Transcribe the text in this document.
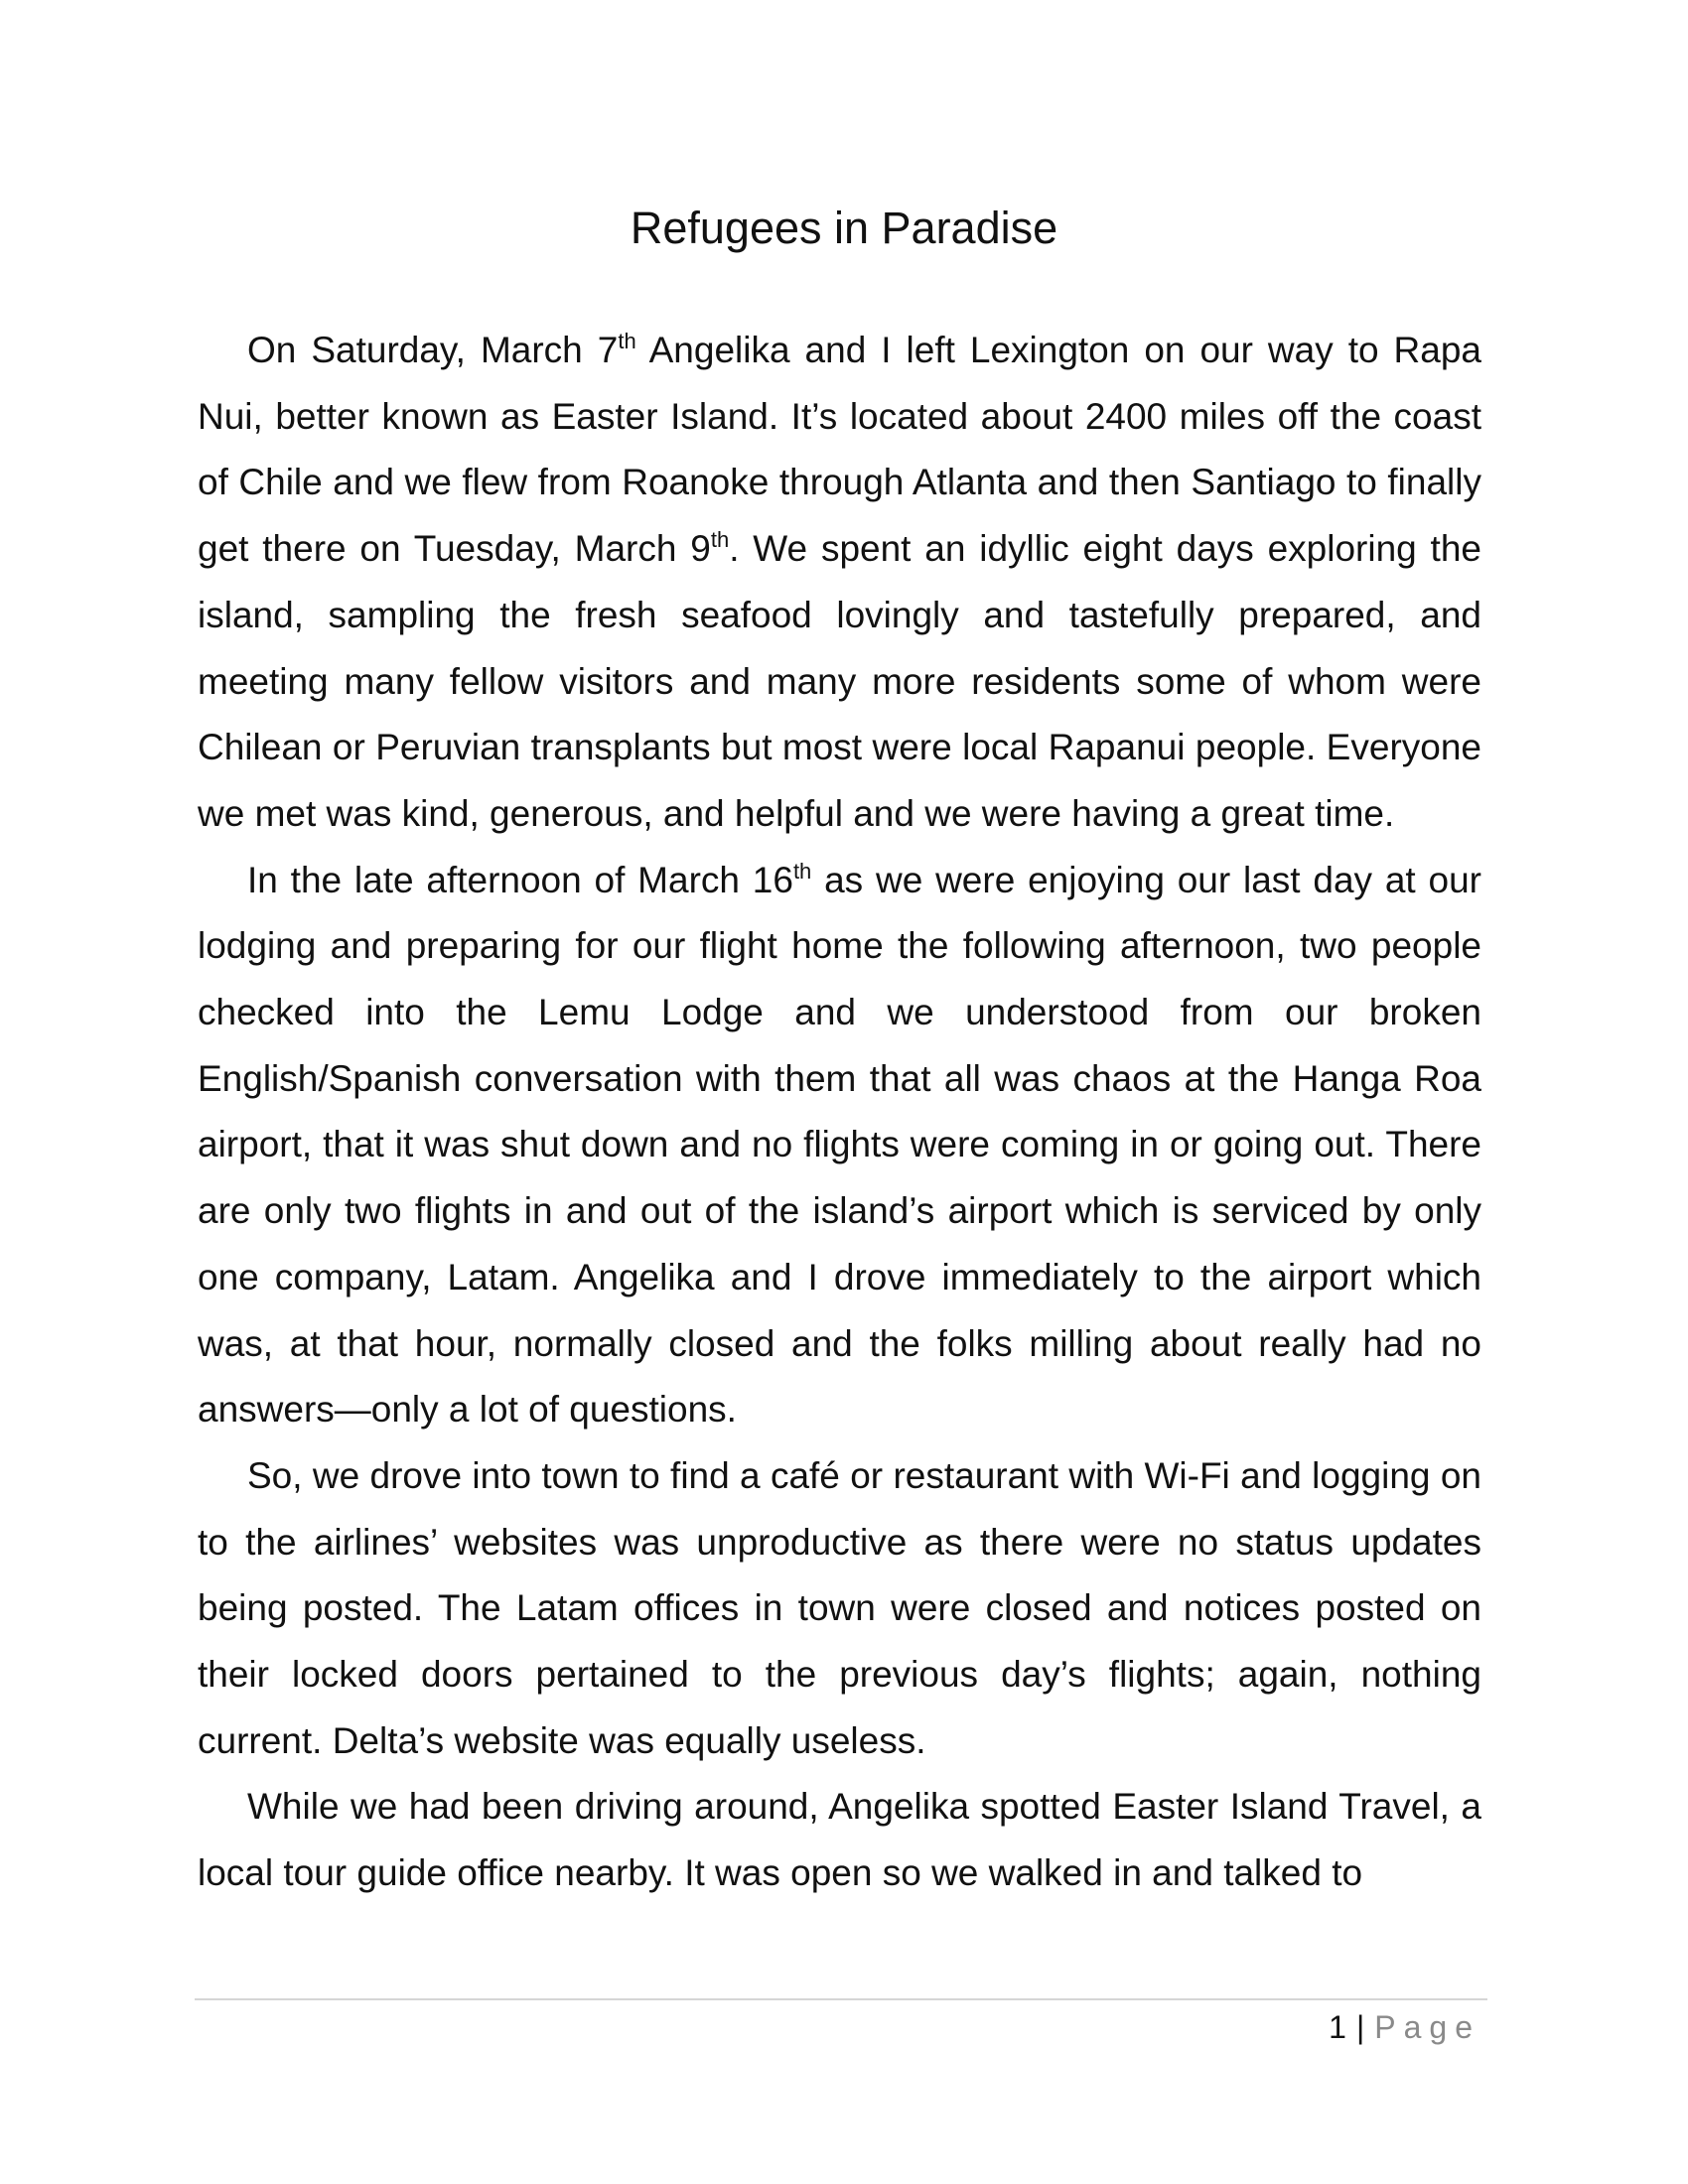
Refugees in Paradise

On Saturday, March 7th Angelika and I left Lexington on our way to Rapa Nui, better known as Easter Island. It’s located about 2400 miles off the coast of Chile and we flew from Roanoke through Atlanta and then Santiago to finally get there on Tuesday, March 9th. We spent an idyllic eight days exploring the island, sampling the fresh seafood lovingly and tastefully prepared, and meeting many fellow visitors and many more residents some of whom were Chilean or Peruvian transplants but most were local Rapanui people. Everyone we met was kind, generous, and helpful and we were having a great time.

In the late afternoon of March 16th as we were enjoying our last day at our lodging and preparing for our flight home the following afternoon, two people checked into the Lemu Lodge and we understood from our broken English/Spanish conversation with them that all was chaos at the Hanga Roa airport, that it was shut down and no flights were coming in or going out. There are only two flights in and out of the island’s airport which is serviced by only one company, Latam. Angelika and I drove immediately to the airport which was, at that hour, normally closed and the folks milling about really had no answers—only a lot of questions.

So, we drove into town to find a café or restaurant with Wi-Fi and logging on to the airlines’ websites was unproductive as there were no status updates being posted. The Latam offices in town were closed and notices posted on their locked doors pertained to the previous day’s flights; again, nothing current. Delta’s website was equally useless.

While we had been driving around, Angelika spotted Easter Island Travel, a local tour guide office nearby. It was open so we walked in and talked to

1 | Page
